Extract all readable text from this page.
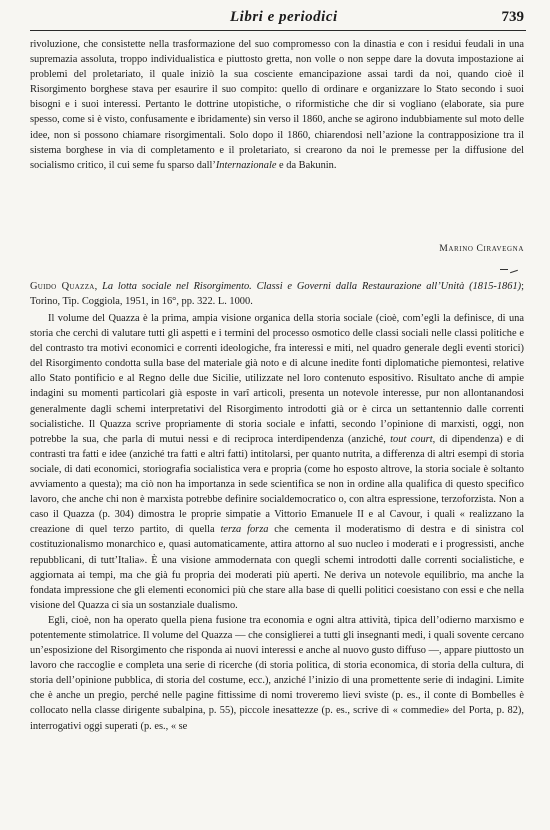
Libri e periodici	739

rivoluzione, che consistette nella trasformazione del suo compromesso con la dinastia e con i residui feudali in una supremazia assoluta, troppo individualistica e piuttosto gretta, non volle o non seppe dare la dovuta impostazione ai problemi del proletariato, il quale iniziò la sua cosciente emancipazione assai tardi da noi, quando cioè il Risorgimento borghese stava per esaurire il suo compito: quello di ordinare e organizzare lo Stato secondo i suoi bisogni e i suoi interessi. Pertanto le dottrine utopistiche, o riformistiche che dir si vogliano (elaborate, sia pure spesso, come si è visto, confusamente e ibridamente) sin verso il 1860, anche se agirono indubbiamente sul moto delle idee, non si possono chiamare risorgimentali. Solo dopo il 1860, chiarendosi nell’azione la contrapposizione tra il sistema borghese in via di completamento e il proletariato, si crearono da noi le premesse per la diffusione del socialismo critico, il cui seme fu sparso dall’Internazionale e da Bakunin.

Marino Ciravegna
Guido Quazza, La lotta sociale nel Risorgimento. Classi e Governi dalla Restaurazione all’Unità (1815-1861); Torino, Tip. Coggiola, 1951, in 16°, pp. 322. L. 1000.

Il volume del Quazza è la prima, ampia visione organica della storia sociale (cioè, com’egli la definisce, di una storia che cerchi di valutare tutti gli aspetti e i termini del processo osmotico delle classi sociali nelle classi politiche e del contrasto tra motivi economici e correnti ideologiche, fra interessi e miti, nel quadro generale degli eventi storici) del Risorgimento condotta sulla base del materiale già noto e di alcune inedite fonti diplomatiche piemontesi, relative allo Stato pontificio e al Regno delle due Sicilie, utilizzate nel loro contenuto espositivo. Risultato anche di ampie indagini su momenti particolari già esposte in varî articoli, presenta un notevole interesse, pur non allontanandosi generalmente dagli schemi interpretativi del Risorgimento introdotti già or è circa un settantennio dalle correnti socialistiche. Il Quazza scrive propriamente di storia sociale e infatti, secondo l’opinione di marxisti, oggi, non potrebbe la sua, che parla di mutui nessi e di reciproca interdipendenza (anziché, tout court, di dipendenza) e di contrasti tra fatti e idee (anziché tra fatti e altri fatti) intitolarsi, per quanto nutrita, a differenza di altri esempi di storia sociale, di dati economici, storiografia socialistica vera e propria (come ho esposto altrove, la storia sociale è soltanto avviamento a questa); ma ciò non ha importanza in sede scientifica se non in ordine alla qualifica di questo specifico lavoro, che anche chi non è marxista potrebbe definire socialdemocratico o, con altra espressione, terzoforzista. Non a caso il Quazza (p. 304) dimostra le proprie simpatie a Vittorio Emanuele II e al Cavour, i quali « realizzano la creazione di quel terzo partito, di quella terza forza che cementa il moderatismo di destra e di sinistra col costituzionalismo monarchico e, quasi automaticamente, attira attorno al suo nucleo i moderati e i progressisti, anche repubblicani, di tutt’Italia». È una visione ammodernata con quegli schemi introdotti dalle correnti socialistiche, e aggiornata ai tempi, ma che già fu propria dei moderati più aperti. Ne deriva un notevole equilibrio, ma anche la fondata impressione che gli elementi economici più che stare alla base di quelli politici coesistano con essi e che nella visione del Quazza ci sia un sostanziale dualismo.

Egli, cioè, non ha operato quella piena fusione tra economia e ogni altra attività, tipica dell’odierno marxismo e potentemente stimolatrice. Il volume del Quazza — che consiglierei a tutti gli insegnanti medi, i quali sovente cercano un’esposizione del Risorgimento che risponda ai nuovi interessi e anche al nuovo gusto diffuso —, appare piuttosto un lavoro che raccoglie e completa una serie di ricerche (di storia politica, di storia economica, di storia della cultura, di storia dell’opinione pubblica, di storia del costume, ecc.), anziché l’inizio di una promettente serie di indagini. Limite che è anche un pregio, perché nelle pagine fittissime di nomi troveremo lievi sviste (p. es., il conte di Bombelles è collocato nella classe dirigente subalpina, p. 55), piccole inesattezze (p. es., scrive di « commedie» del Porta, p. 82), interrogativi oggi superati (p. es., « se
